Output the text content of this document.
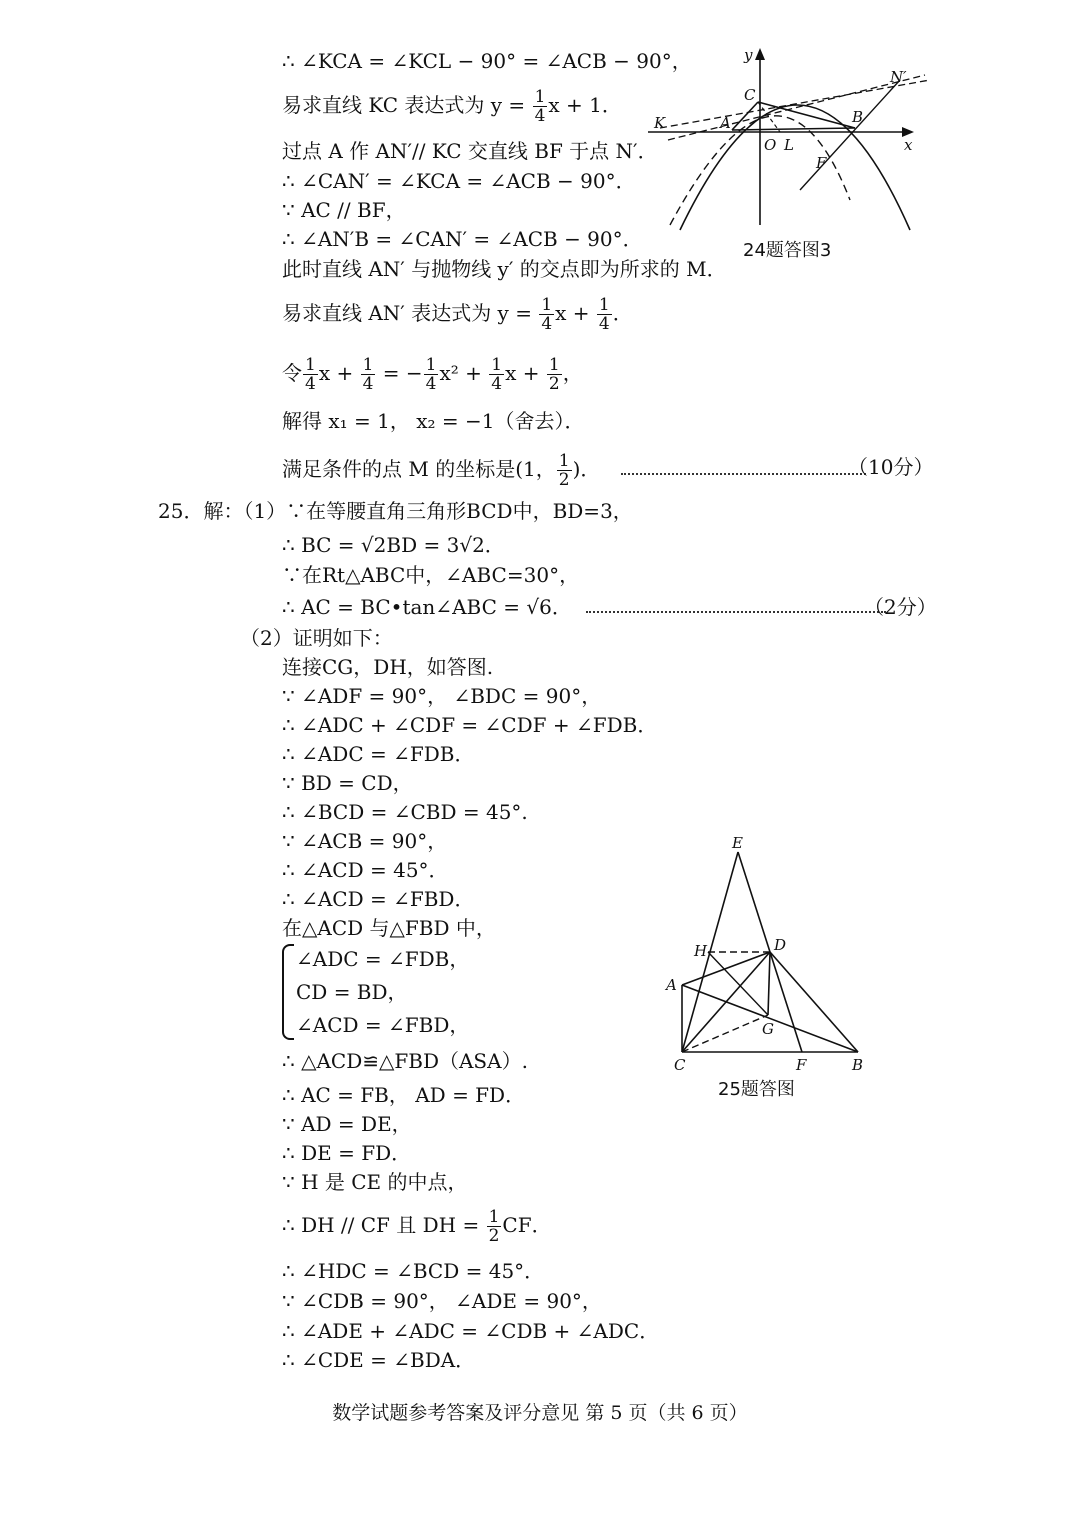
∴ ∠KCA = ∠KCL − 90° = ∠ACB − 90°，
易求直线 KC 表达式为 $y = \frac{1}{4}$ x + 1．
过点 A 作 AN′// KC 交直线 BF 于点 N′．
∴ ∠CAN′ = ∠KCA = ∠ACB − 90°．
∵ AC // BF，
∴ ∠AN′B = ∠CAN′ = ∠ACB − 90°．
此时直线 AN′ 与抛物线 y′ 的交点即为所求的 M．
易求直线 AN′ 表达式为 $y = \frac{1}{4}$ $x + \frac{1}{4}$ ．
令 $\frac{1}{4}$ $x + \frac{1}{4}$ = − $\frac{1}{4} x^2 + \frac{1}{4}$ $x + \frac{1}{2}$ ，
解得 x₁ = 1， x₂ = −1（舍去）．
满足条件的点 M 的坐标是(1， $\frac{1}{2}$ )．	（10分）
y
x
C
K	A
O L
B
F
N′
24题答图3
25．解：（1）∵在等腰直角三角形BCD中，BD=3，
∴ BC = √2BD = 3√2．
∵在Rt△ABC中，∠ABC=30°，
∴ AC = BC•tan∠ABC = √6．	（2分）
（2）证明如下：
连接CG，DH，如答图.
∵ ∠ADF = 90°， ∠BDC = 90°，
∴ ∠ADC + ∠CDF = ∠CDF + ∠FDB．
∴ ∠ADC = ∠FDB．
∵ BD = CD，
∴ ∠BCD = ∠CBD = 45°.
∵ ∠ACB = 90°，
∴ ∠ACD = 45°．
∴ ∠ACD = ∠FBD．
在△ACD 与△FBD 中，
∠ADC = ∠FDB，
CD = BD，
∠ACD = ∠FBD，
∴ △ACD≌△FBD（ASA）.
∴ AC = FB， AD = FD．
∵ AD = DE，
∴ DE = FD．
∵ H 是 CE 的中点，
∴ DH // CF 且 DH = $\frac{1}{2}$ CF．
∴ ∠HDC = ∠BCD = 45°．
∵ ∠CDB = 90°， ∠ADE = 90°，
∴ ∠ADE + ∠ADC = ∠CDB + ∠ADC．
∴ ∠CDE = ∠BDA．
E
H	D
A
G
C	F	B
25题答图
数学试题参考答案及评分意见 第 5 页（共 6 页）
